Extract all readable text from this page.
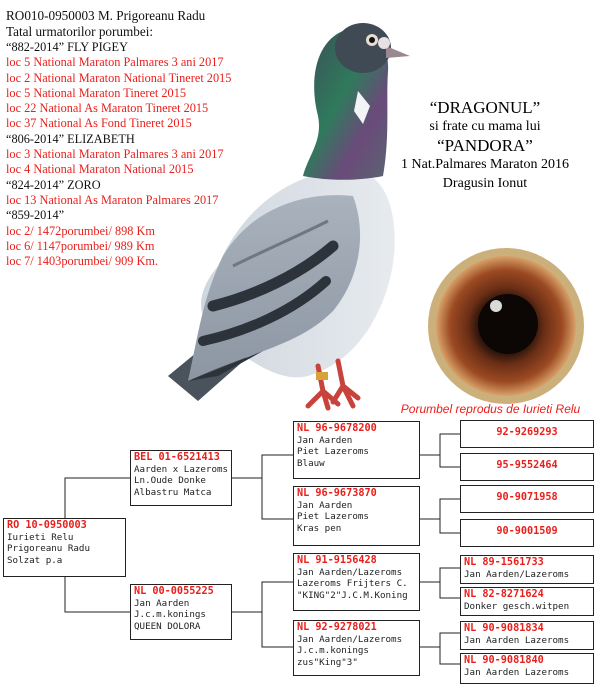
RO010-0950003 M. Prigoreanu Radu
Tatal urmatorilor porumbei:
“882-2014” FLY PIGEY
loc 5 National Maraton Palmares 3 ani 2017
loc 2 National Maraton National Tineret 2015
loc 5 National Maraton Tineret 2015
loc 22 National As Maraton Tineret 2015
loc 37 National As Fond Tineret 2015
“806-2014” ELIZABETH
loc 3 National Maraton Palmares 3 ani 2017
loc 4 National Maraton National 2015
“824-2014” ZORO
loc 13 National As Maraton Palmares 2017
“859-2014”
loc 2/ 1472porumbei/ 898 Km
loc 6/ 1147porumbei/ 989 Km
loc 7/ 1403porumbei/ 909 Km.
“DRAGONUL”
si frate cu mama lui
“PANDORA”
1 Nat.Palmares Maraton 2016
Dragusin Ionut
Porumbel reprodus de Iurieti Relu
RO 10-0950003
Iurieti Relu
Prigoreanu Radu
Solzat p.a
BEL 01-6521413
Aarden x Lazeroms
Ln.Oude Donke
Albastru Matca
NL 00-0055225
Jan Aarden
J.c.m.konings
QUEEN DOLORA
NL 96-9678200
Jan Aarden
Piet Lazeroms
Blauw
NL 96-9673870
Jan Aarden
Piet Lazeroms
Kras pen
NL 91-9156428
Jan Aarden/Lazeroms
Lazeroms Frijters C.
"KING"2"J.C.M.Koning
NL 92-9278021
Jan Aarden/Lazeroms
J.c.m.konings
zus"King"3"
92-9269293
95-9552464
90-9071958
90-9001509
NL 89-1561733
Jan Aarden/Lazeroms
NL 82-8271624
Donker gesch.witpen
NL 90-9081834
Jan Aarden Lazeroms
NL 90-9081840
Jan Aarden Lazeroms
